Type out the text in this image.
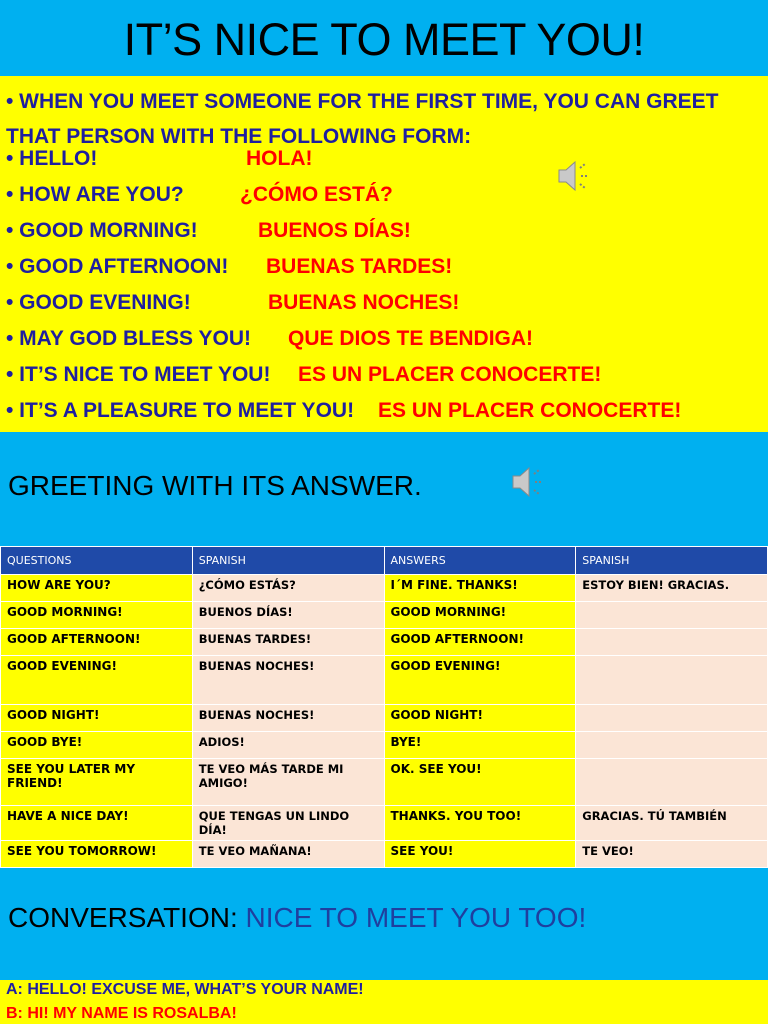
IT’S NICE TO MEET YOU!
• WHEN YOU MEET SOMEONE FOR THE FIRST TIME, YOU CAN GREET THAT PERSON WITH THE FOLLOWING FORM:
• HELLO!	HOLA!
• HOW ARE YOU?	¿CÓMO ESTÁ?
• GOOD MORNING!	BUENOS DÍAS!
• GOOD AFTERNOON! BUENAS TARDES!
• GOOD EVENING!	BUENAS NOCHES!
• MAY GOD BLESS YOU! QUE DIOS TE BENDIGA!
• IT’S NICE TO MEET YOU! ES UN PLACER CONOCERTE!
• IT’S A PLEASURE TO MEET YOU! ES UN PLACER CONOCERTE!
GREETING WITH ITS ANSWER.
QUESTIONS	SPANISH	ANSWERS	SPANISH
HOW ARE YOU?	¿CÓMO ESTÁS?	I´M FINE. THANKS!	ESTOY BIEN! GRACIAS.
GOOD MORNING!	BUENOS DÍAS!	GOOD MORNING!	
GOOD AFTERNOON!	BUENAS TARDES!	GOOD AFTERNOON!	
GOOD EVENING!	BUENAS NOCHES!	GOOD EVENING!	
GOOD NIGHT!	BUENAS NOCHES!	GOOD NIGHT!	
GOOD BYE!	ADIOS!	BYE!	
SEE YOU LATER MY FRIEND!	TE VEO MÁS TARDE MI AMIGO!	OK. SEE YOU!	
HAVE A NICE DAY!	QUE TENGAS UN LINDO DÍA!	THANKS. YOU TOO!	GRACIAS. TÚ TAMBIÉN
SEE YOU TOMORROW!	TE VEO MAÑANA!	SEE YOU!	TE VEO!
CONVERSATION: NICE TO MEET YOU TOO!
A: HELLO! EXCUSE ME, WHAT’S YOUR NAME!
B: HI! MY NAME IS ROSALBA!
